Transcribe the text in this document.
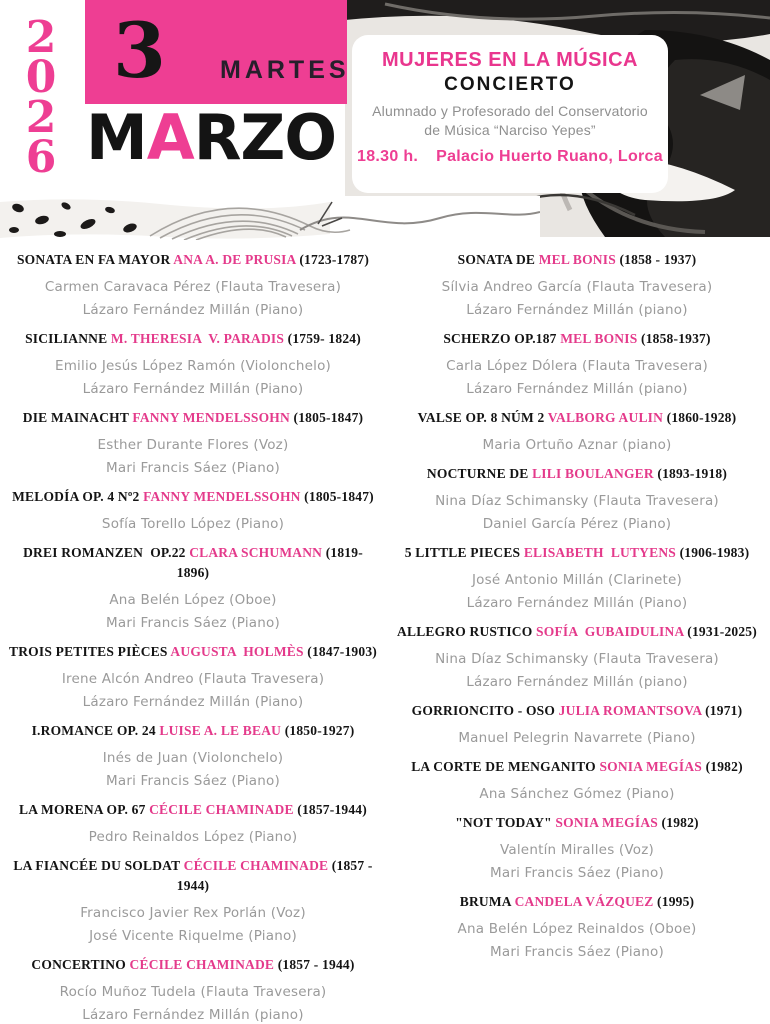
2
0
2
6
3 MARTES
MARZO

MUJERES EN LA MÚSICA

CONCIERTO

Alumnado y Profesorado del Conservatorio

de Música “Narciso Yepes”

18.30 h. Palacio Huerto Ruano, Lorca

SONATA EN FA MAYOR ANA A. DE PRUSIA (1723-1787)
Carmen Caravaca Pérez (Flauta Travesera)
Lázaro Fernández Millán (Piano)
SICILIANNE M. THERESIA  V. PARADIS (1759- 1824)
Emilio Jesús López Ramón (Violonchelo)
Lázaro Fernández Millán (Piano)
DIE MAINACHT FANNY MENDELSSOHN (1805-1847)
Esther Durante Flores (Voz)
Mari Francis Sáez (Piano)
MELODÍA OP. 4 Nº2 FANNY MENDELSSOHN (1805-1847)
Sofía Torello López (Piano)
DREI ROMANZEN  OP.22 CLARA SCHUMANN (1819- 1896)
Ana Belén López (Oboe)
Mari Francis Sáez (Piano)
TROIS PETITES PIÈCES AUGUSTA  HOLMÈS (1847-1903)
Irene Alcón Andreo (Flauta Travesera)
Lázaro Fernández Millán (Piano)
I.ROMANCE OP. 24 LUISE A. LE BEAU (1850-1927)
Inés de Juan (Violonchelo)
Mari Francis Sáez (Piano)
LA MORENA OP. 67 CÉCILE CHAMINADE (1857-1944)
Pedro Reinaldos López (Piano)
LA FIANCÉE DU SOLDAT CÉCILE CHAMINADE (1857 - 1944)
Francisco Javier Rex Porlán (Voz)
José Vicente Riquelme (Piano)
CONCERTINO CÉCILE CHAMINADE (1857 - 1944)
Rocío Muñoz Tudela (Flauta Travesera)
Lázaro Fernández Millán (piano)
SONATA DE MEL BONIS (1858 - 1937)
Sílvia Andreo García (Flauta Travesera)
Lázaro Fernández Millán (piano)
SCHERZO OP.187 MEL BONIS (1858-1937)
Carla López Dólera (Flauta Travesera)
Lázaro Fernández Millán (piano)
VALSE OP. 8 NÚM 2 VALBORG AULIN (1860-1928)
Maria Ortuño Aznar (piano)
NOCTURNE DE LILI BOULANGER (1893-1918)
Nina Díaz Schimansky (Flauta Travesera)
Daniel García Pérez (Piano)
5 LITTLE PIECES ELISABETH  LUTYENS (1906-1983)
José Antonio Millán (Clarinete)
Lázaro Fernández Millán (Piano)
ALLEGRO RUSTICO SOFÍA  GUBAIDULINA (1931-2025)
Nina Díaz Schimansky (Flauta Travesera)
Lázaro Fernández Millán (piano)
GORRIONCITO - OSO JULIA ROMANTSOVA (1971)
Manuel Pelegrin Navarrete (Piano)
LA CORTE DE MENGANITO SONIA MEGÍAS (1982)
Ana Sánchez Gómez (Piano)
"NOT TODAY" SONIA MEGÍAS (1982)
Valentín Miralles (Voz)
Mari Francis Sáez (Piano)
BRUMA CANDELA VÁZQUEZ (1995)
Ana Belén López Reinaldos (Oboe)
Mari Francis Sáez (Piano)
